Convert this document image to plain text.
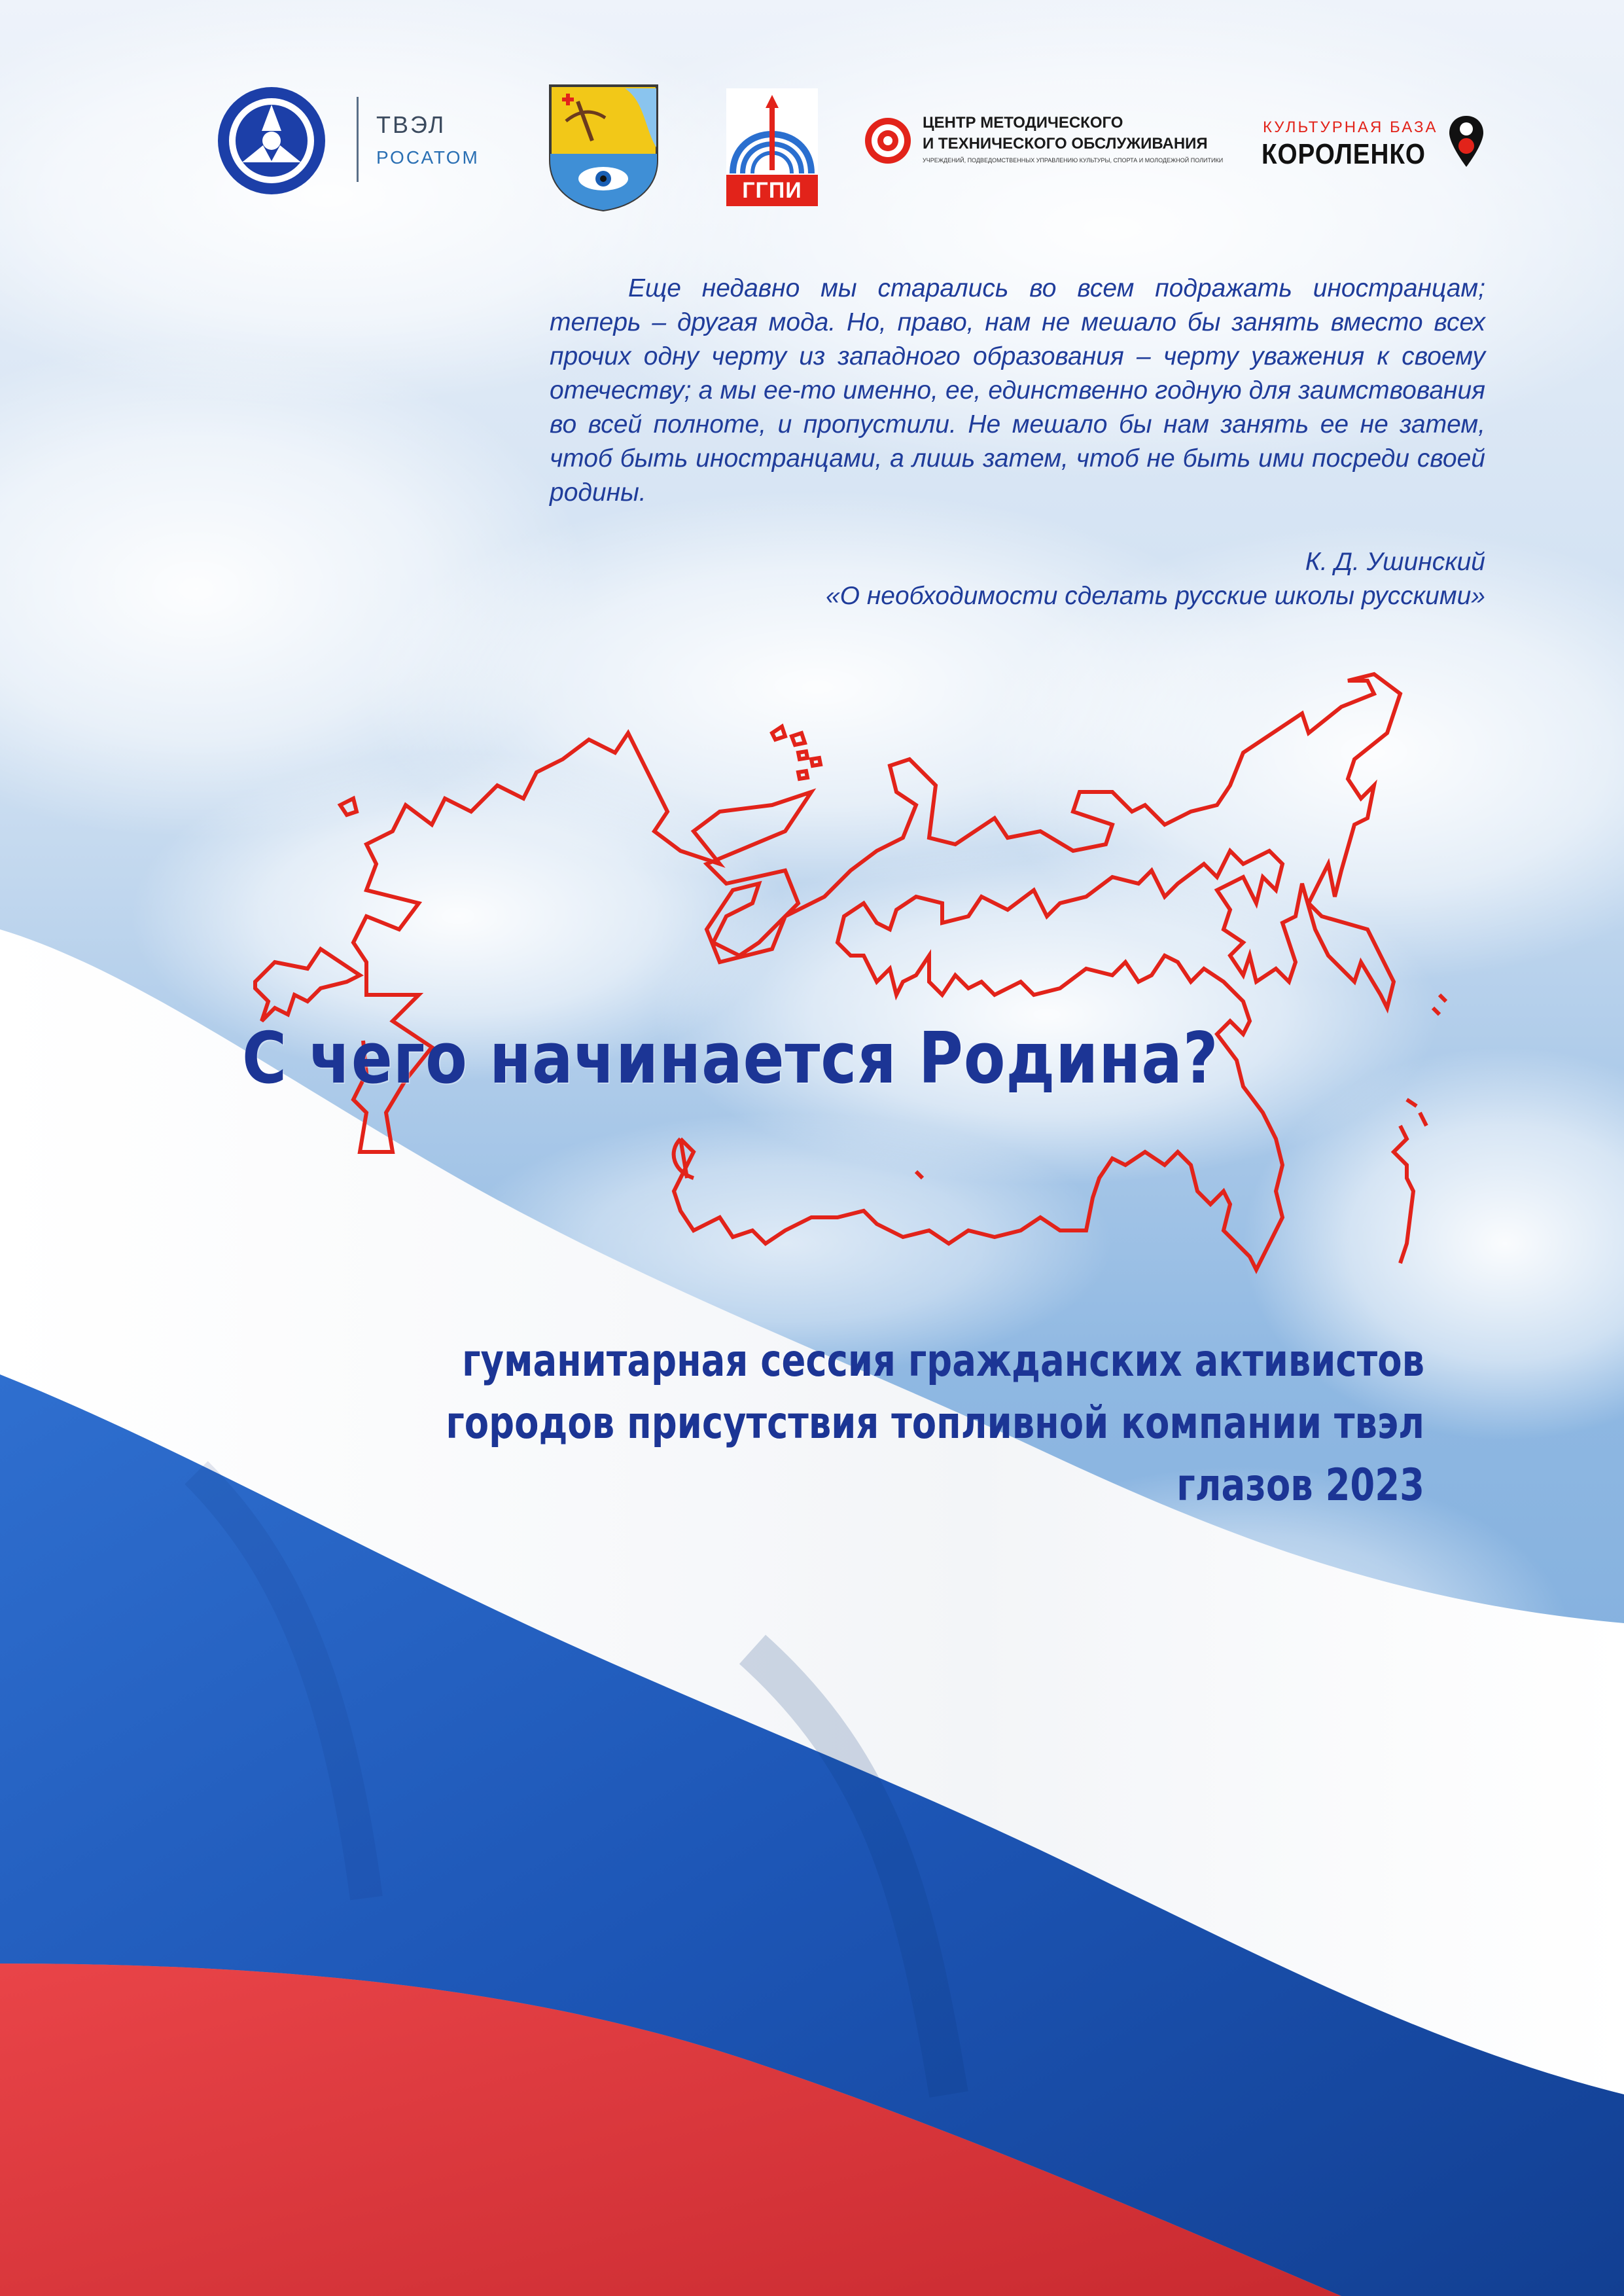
ТВЭЛ
РОСАТОМ
ГГПИ
ЦЕНТР МЕТОДИЧЕСКОГО
И ТЕХНИЧЕСКОГО ОБСЛУЖИВАНИЯ
УЧРЕЖДЕНИЙ, ПОДВЕДОМСТВЕННЫХ УПРАВЛЕНИЮ КУЛЬТУРЫ, СПОРТА И МОЛОДЕЖНОЙ ПОЛИТИКИ
КУЛЬТУРНАЯ БАЗА
КОРОЛЕНКО

Еще недавно мы старались во всем подражать иностранцам; теперь – другая мода. Но, право, нам не мешало бы занять вместо всех прочих одну черту из западного образования – черту уважения к своему отечеству; а мы ее-то именно, ее, единственно годную для заимствования во всей полноте, и пропустили. Не мешало бы нам занять ее не затем, чтоб быть иностранцами, а лишь затем, чтоб не быть ими посреди своей родины.

К. Д. Ушинский
«О необходимости сделать русские школы русскими»
С чего начинается Родина?
гуманитарная сессия гражданских активистов
городов присутствия топливной компании твэл
глазов 2023
